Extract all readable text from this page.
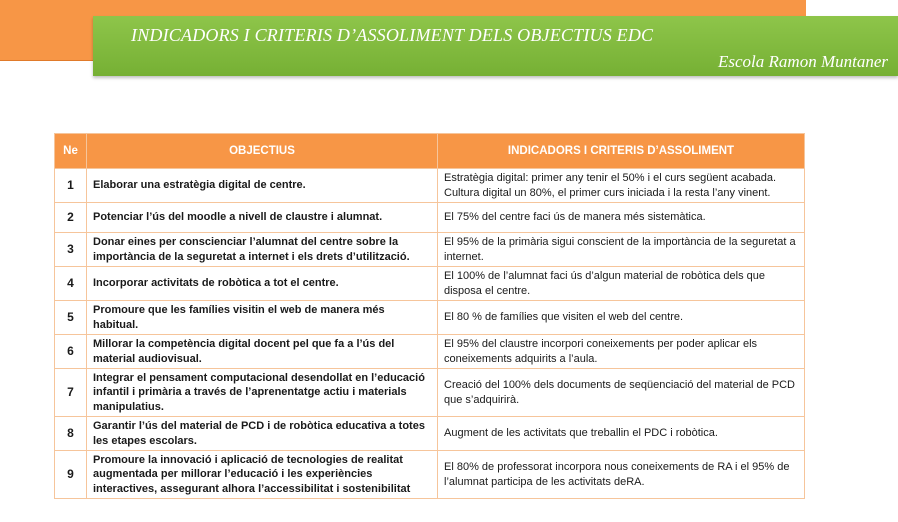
INDICADORS I CRITERIS D’ASSOLIMENT DELS OBJECTIUS EDC
Escola Ramon Muntaner
Ne	OBJECTIUS	INDICADORS I CRITERIS D’ASSOLIMENT
1	Elaborar una estratègia digital de centre.	Estratègia digital: primer any tenir el 50% i el curs següent acabada. Cultura digital un 80%, el primer curs iniciada i la resta l’any vinent.
2	Potenciar l’ús del moodle a nivell de claustre i alumnat.	El 75% del centre faci ús de manera més sistemàtica.
3	Donar eines per conscienciar l’alumnat del centre sobre la importància de la seguretat a internet i els drets d’utilització.	El 95% de la primària sigui conscient de la importància de la seguretat a internet.
4	Incorporar activitats de robòtica a tot el centre.	El 100% de l’alumnat faci ús d’algun material de robòtica dels que disposa el centre.
5	Promoure que les famílies visitin el web de manera més habitual.	El 80 % de famílies que visiten el web del centre.
6	Millorar la competència digital docent pel que fa a l’ús del material audiovisual.	El 95% del claustre incorpori coneixements per poder aplicar els coneixements adquirits a l’aula.
7	Integrar el pensament computacional desendollat en l’educació infantil i primària a través de l’aprenentatge actiu i materials manipulatius.	Creació del 100% dels documents de seqüenciació del material de PCD que s’adquirirà.
8	Garantir l’ús del material de PCD i de robòtica educativa a totes les etapes escolars.	Augment de les activitats que treballin el PDC i robòtica.
9	Promoure la innovació i aplicació de tecnologies de realitat augmentada per millorar l’educació i les experiències interactives, assegurant alhora l’accessibilitat i sostenibilitat	El 80% de professorat incorpora nous coneixements de RA i el 95% de l’alumnat participa de les activitats deRA.
